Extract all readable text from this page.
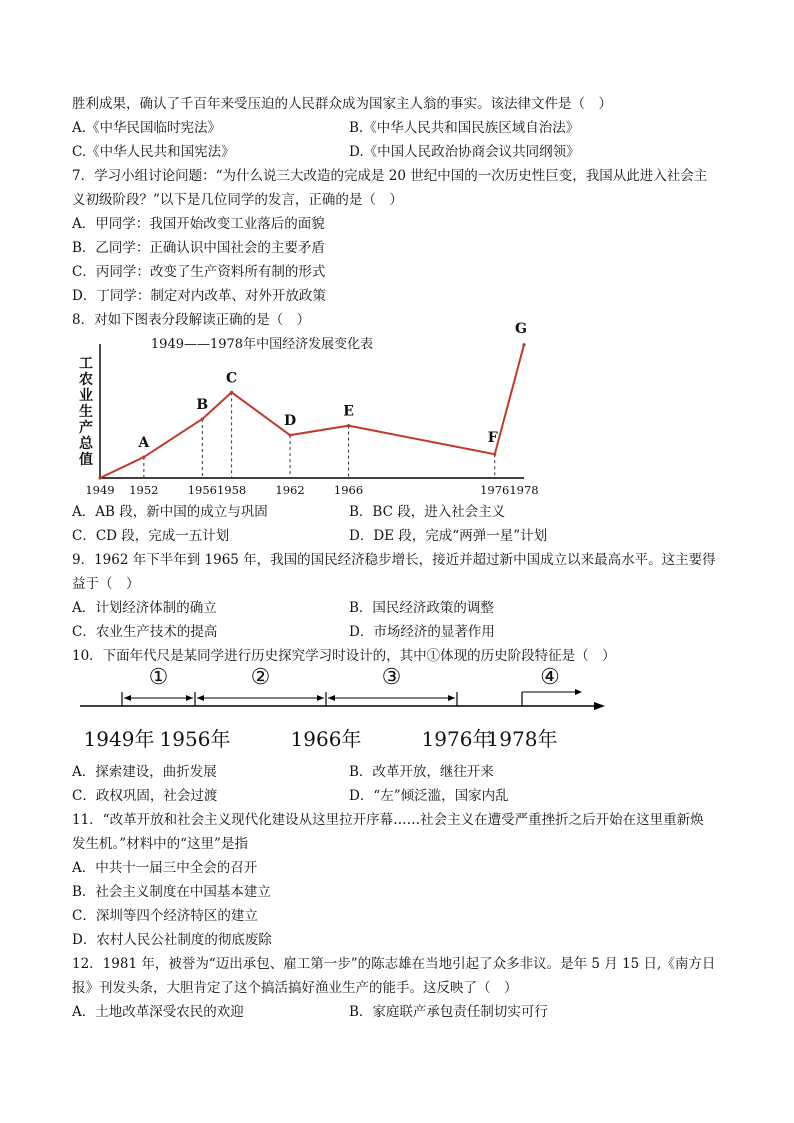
胜利成果，确认了千百年来受压迫的人民群众成为国家主人翁的事实。该法律文件是（　）
A.《中华民国临时宪法》	B.《中华人民共和国民族区域自治法》
C.《中华人民共和国宪法》	D.《中国人民政治协商会议共同纲领》
7．学习小组讨论问题：“为什么说三大改造的完成是 20 世纪中国的一次历史性巨变，我国从此进入社会主
义初级阶段？”以下是几位同学的发言，正确的是（　）
A．甲同学：我国开始改变工业落后的面貌
B．乙同学：正确认识中国社会的主要矛盾
C．丙同学：改变了生产资料所有制的形式
D．丁同学：制定对内改革、对外开放政策
8．对如下图表分段解读正确的是（　）
1949——1978年中国经济发展变化表
工农业生产总值
1949 1952	1956 1958	1962	1966	1976 1978
A
B
C
D
E
F
G
A．AB 段，新中国的成立与巩固	B．BC 段，进入社会主义
C．CD 段，完成一五计划	D．DE 段，完成“两弹一星”计划
9．1962 年下半年到 1965 年，我国的国民经济稳步增长，接近并超过新中国成立以来最高水平。这主要得
益于（　）
A．计划经济体制的确立	B．国民经济政策的调整
C．农业生产技术的提高	D．市场经济的显著作用
10．下面年代尺是某同学进行历史探究学习时设计的，其中①体现的历史阶段特征是（　）
1949年 1956年	1966年	1976年
1978年
①	②	③	④
A．探索建设，曲折发展	B．改革开放，继往开来
C．政权巩固，社会过渡	D．“左”倾泛滥，国家内乱
11．“改革开放和社会主义现代化建设从这里拉开序幕……社会主义在遭受严重挫折之后开始在这里重新焕
发生机。”材料中的“这里”是指
A．中共十一届三中全会的召开
B．社会主义制度在中国基本建立
C．深圳等四个经济特区的建立
D．农村人民公社制度的彻底废除
12．1981 年，被誉为“迈出承包、雇工第一步”的陈志雄在当地引起了众多非议。是年 5 月 15 日,《南方日
报》刊发头条，大胆肯定了这个搞活搞好渔业生产的能手。这反映了（　）
A．土地改革深受农民的欢迎	B．家庭联产承包责任制切实可行
